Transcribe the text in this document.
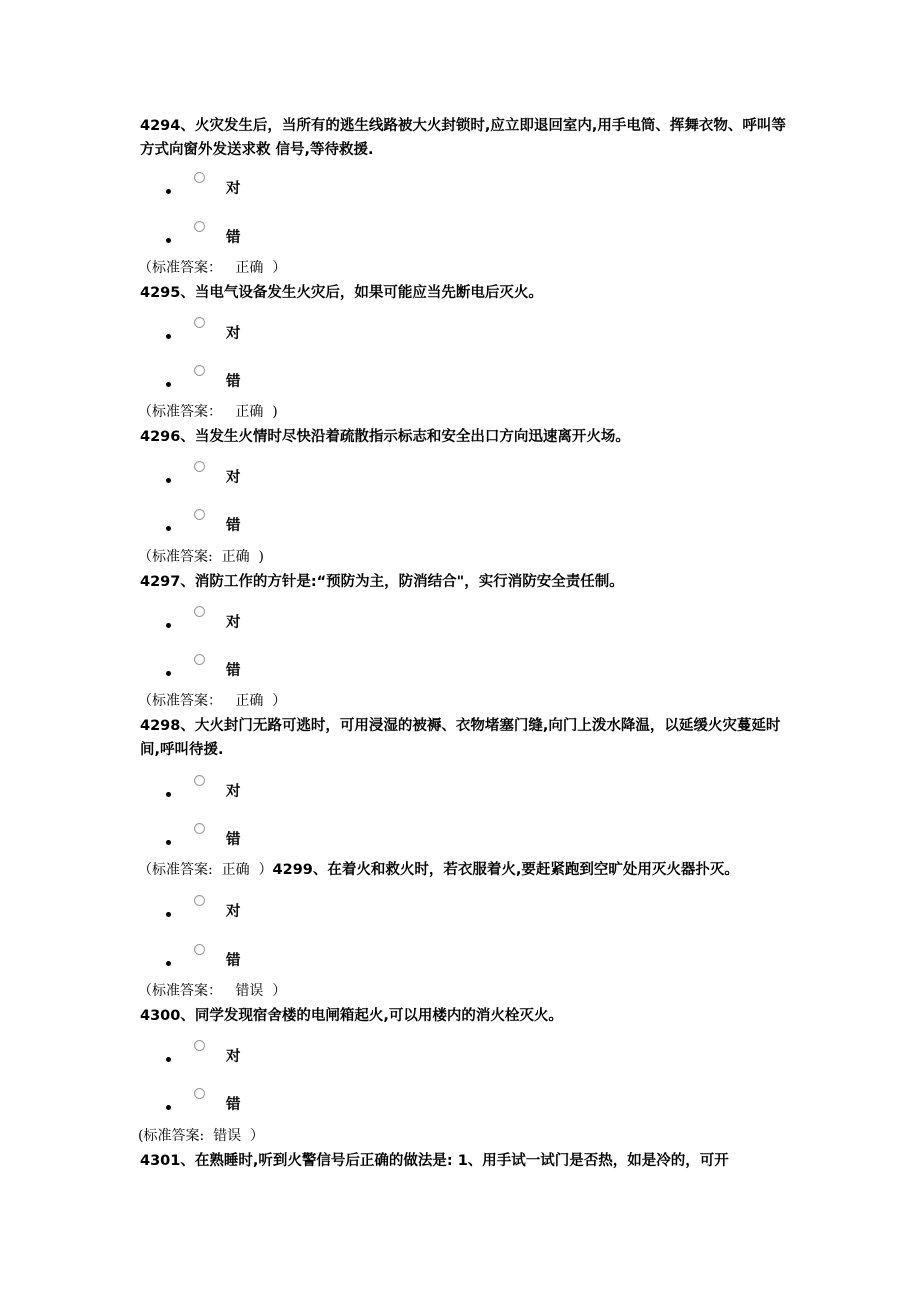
4294、火灾发生后，当所有的逃生线路被大火封锁时,应立即退回室内,用手电筒、挥舞衣物、呼叫等方式向窗外发送求救 信号,等待救援.
对
错
（标准答案：   正确  ）
4295、当电气设备发生火灾后，如果可能应当先断电后灭火。
对
错
（标准答案：   正确  )
4296、当发生火情时尽快沿着疏散指示标志和安全出口方向迅速离开火场。
对
错
（标准答案:  正确  )
4297、消防工作的方针是:“预防为主，防消结合"，实行消防安全责任制。
对
错
（标准答案：   正确  ）
4298、大火封门无路可逃时，可用浸湿的被褥、衣物堵塞门缝,向门上泼水降温，以延缓火灾蔓延时间,呼叫待援.
对
错
（标准答案:  正确  ）4299、在着火和救火时，若衣服着火,要赶紧跑到空旷处用灭火器扑灭。
对
错
（标准答案：   错误  ）
4300、同学发现宿舍楼的电闸箱起火,可以用楼内的消火栓灭火。
对
错
(标准答案:  错误  ）
4301、在熟睡时,听到火警信号后正确的做法是: 1、用手试一试门是否热，如是冷的，可开
